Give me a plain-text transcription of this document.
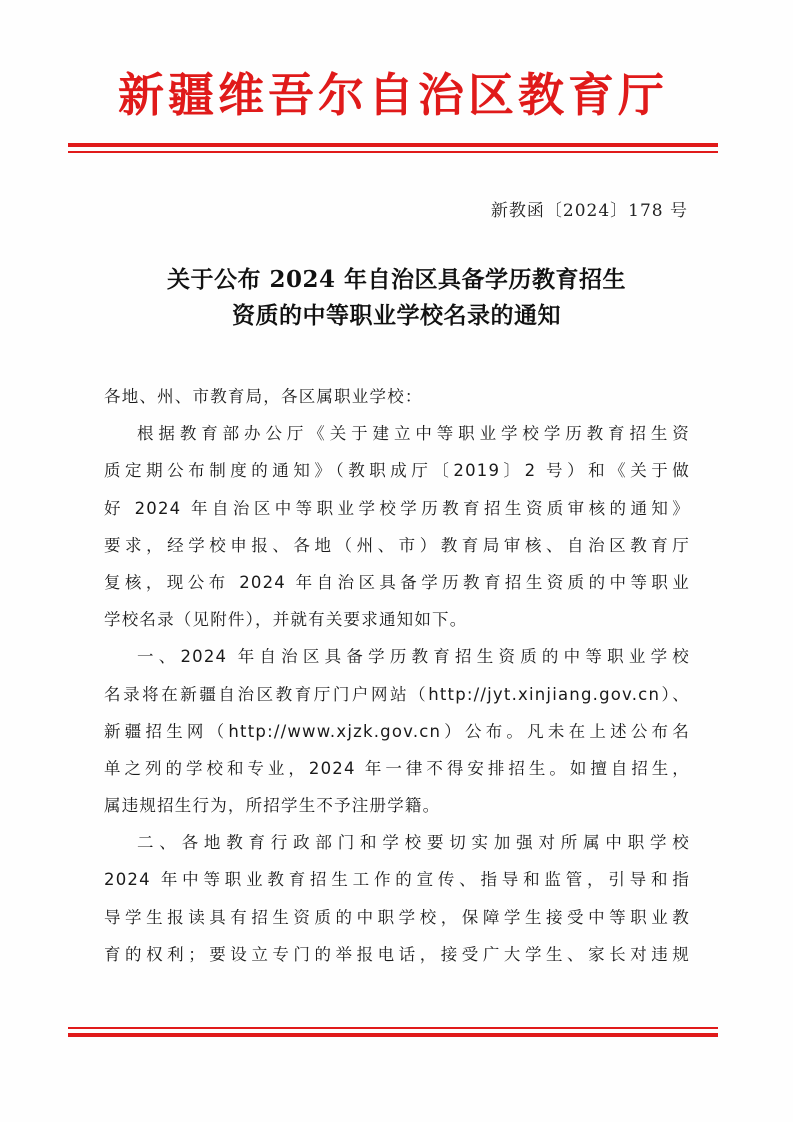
新疆维吾尔自治区教育厅
新教函〔2024〕178 号
关于公布 2024 年自治区具备学历教育招生
资质的中等职业学校名录的通知
各地、州、市教育局，各区属职业学校：
根据教育部办公厅《关于建立中等职业学校学历教育招生资
质定期公布制度的通知》（教职成厅〔2019〕2 号）和《关于做
好 2024 年自治区中等职业学校学历教育招生资质审核的通知》
要求，经学校申报、各地（州、市）教育局审核、自治区教育厅
复核，现公布 2024 年自治区具备学历教育招生资质的中等职业
学校名录（见附件），并就有关要求通知如下。
一、2024 年自治区具备学历教育招生资质的中等职业学校
名录将在新疆自治区教育厅门户网站（http://jyt.xinjiang.gov.cn）、
新疆招生网（http://www.xjzk.gov.cn）公布。凡未在上述公布名
单之列的学校和专业，2024 年一律不得安排招生。如擅自招生，
属违规招生行为，所招学生不予注册学籍。
二、各地教育行政部门和学校要切实加强对所属中职学校
2024 年中等职业教育招生工作的宣传、指导和监管，引导和指
导学生报读具有招生资质的中职学校，保障学生接受中等职业教
育的权利；要设立专门的举报电话，接受广大学生、家长对违规
